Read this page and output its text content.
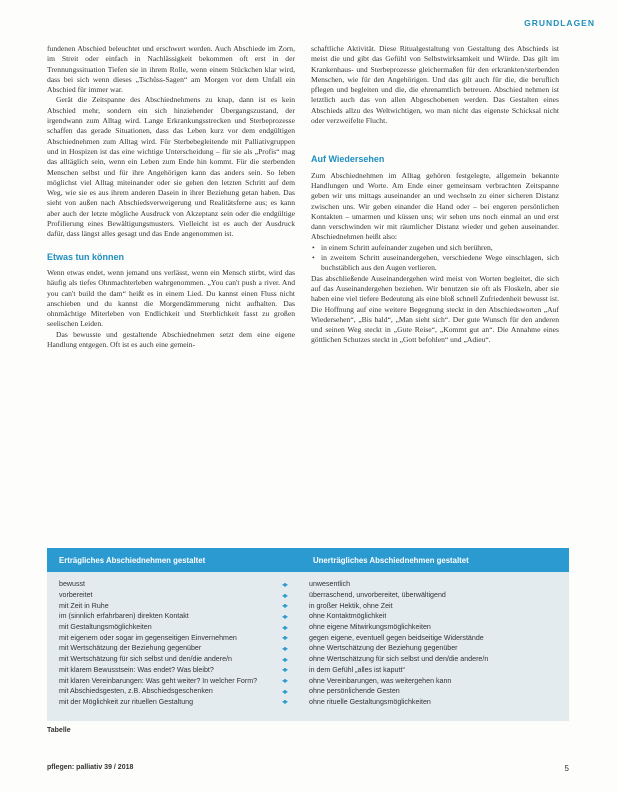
GRUNDLAGEN

fundenen Abschied beleuchtet und erschwert werden. Auch Abschiede im Zorn, im Streit oder einfach in Nachlässigkeit bekommen oft erst in der Trennungssituation Tiefen sie in ihrem Rolle, wenn einem Stückchen klar wird, dass bei sich wenn dieses „Tschüss-Sagen“ am Morgen vor dem Unfall ein Abschied für immer war.

Gerät die Zeitspanne des Abschiednehmens zu knap, dann ist es kein Abschied mehr, sondern ein sich hinziehender Übergangszustand, der irgendwann zum Alltag wird. Lange Erkrankungsstrecken und Sterbeprozesse schaffen das gerade Situationen, dass das Leben kurz vor dem endgültigen Abschiednehmen zum Alltag wird. Für Sterbebegleitende mit Palliativgruppen und in Hospizen ist das eine wichtige Unterscheidung – für sie als „Profis“ mag das alltäglich sein, wenn ein Leben zum Ende hin kommt. Für die sterbenden Menschen selbst und für ihre Angehörigen kann das anders sein. So leben möglichst viel Alltag miteinander oder sie gehen den letzten Schritt auf dem Weg, wie sie es aus ihrem anderen Dasein in ihrer Beziehung getan haben. Das sieht von außen nach Abschiedsverweigerung und Realitätsferne aus; es kann aber auch der letzte mögliche Ausdruck von Akzeptanz sein oder die endgültige Profilierung eines Bewältigungsmusters. Vielleicht ist es auch der Ausdruck dafür, dass längst alles gesagt und das Ende angenommen ist.

Etwas tun können

Wenn etwas endet, wenn jemand uns verlässt, wenn ein Mensch stirbt, wird das häufig als tiefes Ohnmachterleben wahrgenommen. „You can't push a river. And you can't build the dam“ heißt es in einem Lied. Du kannst einen Fluss nicht anschieben und du kannst die Morgendämmerung nicht aufhalten. Das ohnmächtige Miterleben von Endlichkeit und Sterblichkeit fasst zu großen seelischen Leiden.

Das bewusste und gestaltende Abschiednehmen setzt dem eine eigene Handlung entgegen. Oft ist es auch eine gemein-

schaftliche Aktivität. Diese Ritualgestaltung von Gestaltung des Abschieds ist meist die und gibt das Gefühl von Selbstwirksamkeit und Würde. Das gilt im Krankenhaus- und Sterbeprozesse gleichermaßen für den erkrankten/sterbenden Menschen, wie für den Angehörigen. Und das gilt auch für die, die beruflich pflegen und begleiten und die, die ehrenamtlich betreuen. Abschied nehmen ist letztlich auch das von allen Abgeschobenen werden. Das Gestalten eines Abschieds allzu des Weltwichtigen, wo man nicht das eigenste Schicksal nicht oder verzweifelte Flucht.

Auf Wiedersehen

Zum Abschiednehmen im Alltag gehören festgelegte, allgemein bekannte Handlungen und Worte. Am Ende einer gemeinsam verbrachten Zeitspanne geben wir uns mittags auseinander an und wechseln zu einer sicheren Distanz zwischen uns. Wir geben einander die Hand oder – bei engeren persönlichen Kontakten – umarmen und küssen uns; wir sehen uns noch einmal an und erst dann verschwinden wir mit räumlicher Distanz wieder und gehen auseinander. Abschiednehmen heißt also:

• in einem Schritt aufeinander zugehen und sich berühren,
• in zweitem Schritt auseinandergehen, verschiedene Wege einschlagen, sich buchstäblich aus den Augen verlieren.

Das abschließende Auseinandergehen wird meist von Worten begleitet, die sich auf das Auseinandergehen beziehen. Wir benutzen sie oft als Floskeln, aber sie haben eine viel tiefere Bedeutung als eine bloß schnell Zufriedenheit bewusst ist. Die Hoffnung auf eine weitere Begegnung steckt in den Abschiedsworten „Auf Wiedersehen“, „Bis bald“, „Man sieht sich“. Der gute Wunsch für den anderen und seinen Weg steckt in „Gute Reise“, „Kommt gut an“. Die Annahme eines göttlichen Schutzes steckt in „Gott befohlen“ und „Adieu“.

Erträgliches Abschiednehmen gestaltet	Unerträgliches Abschiednehmen gestaltet
bewusst	◂ ▸	unwesentlich
vorbereitet	◂ ▸	überraschend, unvorbereitet, überwältigend
mit Zeit in Ruhe	◂ ▸	in großer Hektik, ohne Zeit
im (sinnlich erfahrbaren) direkten Kontakt	◂ ▸	ohne Kontaktmöglichkeit
mit Gestaltungsmöglichkeiten	◂ ▸	ohne eigene Mitwirkungsmöglichkeiten
mit eigenem oder sogar im gegenseitigen Einvernehmen	◂ ▸	gegen eigene, eventuell gegen beidseitige Widerstände
mit Wertschätzung der Beziehung gegenüber	◂ ▸	ohne Wertschätzung der Beziehung gegenüber
mit Wertschätzung für sich selbst und den/die andere/n	◂ ▸	ohne Wertschätzung für sich selbst und den/die andere/n
mit klarem Bewusstsein: Was endet? Was bleibt?	◂ ▸	in dem Gefühl „alles ist kaputt“
mit klaren Vereinbarungen: Was geht weiter? In welcher Form?	◂ ▸	ohne Vereinbarungen, was weitergehen kann
mit Abschiedsgesten, z.B. Abschiedsgeschenken	◂ ▸	ohne persönlichende Gesten
mit der Möglichkeit zur rituellen Gestaltung	◂ ▸	ohne rituelle Gestaltungsmöglichkeiten
Tabelle
pflegen: palliativ 39 / 2018	5
